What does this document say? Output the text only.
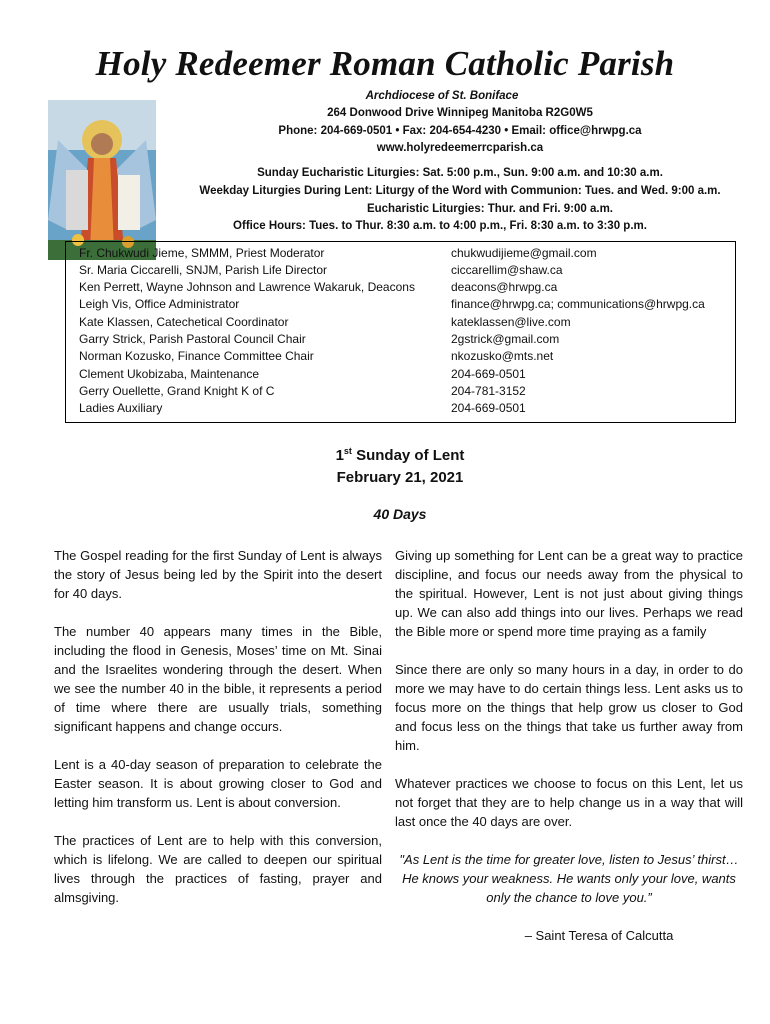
Holy Redeemer Roman Catholic Parish
Archdiocese of St. Boniface
264 Donwood Drive Winnipeg Manitoba R2G0W5
Phone: 204-669-0501 • Fax: 204-654-4230 • Email: office@hrwpg.ca
www.holyredeemerrcparish.ca
Sunday Eucharistic Liturgies: Sat. 5:00 p.m., Sun. 9:00 a.m. and 10:30 a.m.
Weekday Liturgies During Lent: Liturgy of the Word with Communion: Tues. and Wed. 9:00 a.m.
Eucharistic Liturgies: Thur. and Fri. 9:00 a.m.
Office Hours: Tues. to Thur. 8:30 a.m. to 4:00 p.m., Fri. 8:30 a.m. to 3:30 p.m.
Fr. Chukwudi Jieme, SMMM, Priest Moderator	chukwudijieme@gmail.com
Sr. Maria Ciccarelli, SNJM, Parish Life Director	ciccarellim@shaw.ca
Ken Perrett, Wayne Johnson and Lawrence Wakaruk, Deacons	deacons@hrwpg.ca
Leigh Vis, Office Administrator	finance@hrwpg.ca; communications@hrwpg.ca
Kate Klassen, Catechetical Coordinator	kateklassen@live.com
Garry Strick, Parish Pastoral Council Chair	2gstrick@gmail.com
Norman Kozusko, Finance Committee Chair	nkozusko@mts.net
Clement Ukobizaba, Maintenance	204-669-0501
Gerry Ouellette, Grand Knight K of C	204-781-3152
Ladies Auxiliary	204-669-0501
1st Sunday of Lent
February 21, 2021
40 Days

The Gospel reading for the first Sunday of Lent is always the story of Jesus being led by the Spirit into the desert for 40 days.

The number 40 appears many times in the Bible, including the flood in Genesis, Moses’ time on Mt. Sinai and the Israelites wondering through the desert. When we see the number 40 in the bible, it represents a period of time where there are usually trials, something significant happens and change occurs.

Lent is a 40-day season of preparation to celebrate the Easter season. It is about growing closer to God and letting him transform us. Lent is about conversion.

The practices of Lent are to help with this conversion, which is lifelong. We are called to deepen our spiritual lives through the practices of fasting, prayer and almsgiving.

Giving up something for Lent can be a great way to practice discipline, and focus our needs away from the physical to the spiritual. However, Lent is not just about giving things up. We can also add things into our lives. Perhaps we read the Bible more or spend more time praying as a family

Since there are only so many hours in a day, in order to do more we may have to do certain things less. Lent asks us to focus more on the things that help grow us closer to God and focus less on the things that take us further away from him.

Whatever practices we choose to focus on this Lent, let us not forget that they are to help change us in a way that will last once the 40 days are over.

"As Lent is the time for greater love, listen to Jesus’ thirst…He knows your weakness. He wants only your love, wants only the chance to love you.”

– Saint Teresa of Calcutta
